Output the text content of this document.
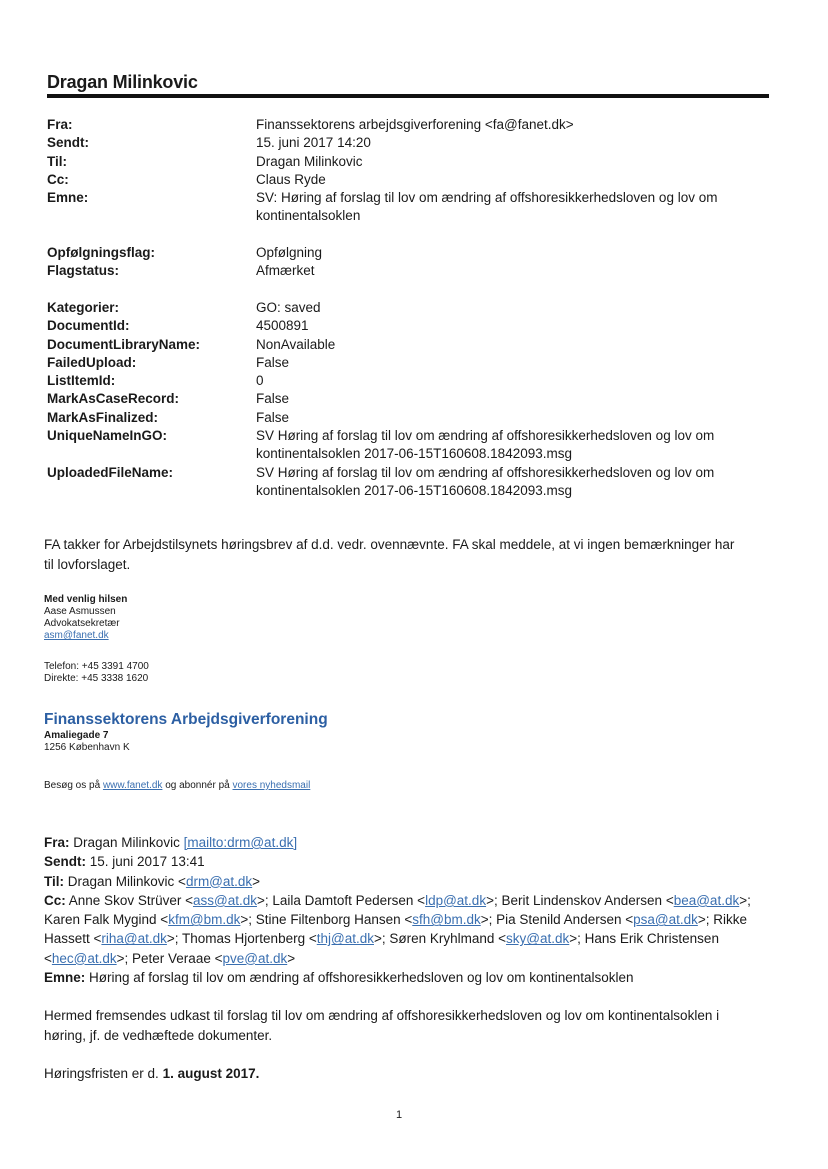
Dragan Milinkovic
Fra:	Finanssektorens arbejdsgiverforening <fa@fanet.dk>
Sendt:	15. juni 2017 14:20
Til:	Dragan Milinkovic
Cc:	Claus Ryde
Emne:	SV: Høring af forslag til lov om ændring af offshoresikkerhedsloven og lov om
kontinentalsoklen
Opfølgningsflag:	Opfølgning
Flagstatus:	Afmærket
Kategorier:	GO: saved
DocumentId:	4500891
DocumentLibraryName:	NonAvailable
FailedUpload:	False
ListItemId:	0
MarkAsCaseRecord:	False
MarkAsFinalized:	False
UniqueNameInGO:	SV Høring af forslag til lov om ændring af offshoresikkerhedsloven og lov om
kontinentalsoklen 2017-06-15T160608.1842093.msg
UploadedFileName:	SV Høring af forslag til lov om ændring af offshoresikkerhedsloven og lov om
kontinentalsoklen 2017-06-15T160608.1842093.msg
FA takker for Arbejdstilsynets høringsbrev af d.d. vedr. ovennævnte. FA skal meddele, at vi ingen bemærkninger har
til lovforslaget.
Med venlig hilsen
Aase Asmussen
Advokatsekretær
asm@fanet.dk
Telefon: +45 3391 4700
Direkte: +45 3338 1620
Finanssektorens Arbejdsgiverforening
Amaliegade 7
1256 København K
Besøg os på www.fanet.dk og abonnér på vores nyhedsmail
Fra: Dragan Milinkovic [mailto:drm@at.dk]
Sendt: 15. juni 2017 13:41
Til: Dragan Milinkovic <drm@at.dk>
Cc: Anne Skov Strüver <ass@at.dk>; Laila Damtoft Pedersen <ldp@at.dk>; Berit Lindenskov Andersen <bea@at.dk>;
Karen Falk Mygind <kfm@bm.dk>; Stine Filtenborg Hansen <sfh@bm.dk>; Pia Stenild Andersen <psa@at.dk>; Rikke
Hassett <riha@at.dk>; Thomas Hjortenberg <thj@at.dk>; Søren Kryhlmand <sky@at.dk>; Hans Erik Christensen
<hec@at.dk>; Peter Veraae <pve@at.dk>
Emne: Høring af forslag til lov om ændring af offshoresikkerhedsloven og lov om kontinentalsoklen
Hermed fremsendes udkast til forslag til lov om ændring af offshoresikkerhedsloven og lov om kontinentalsoklen i
høring, jf. de vedhæftede dokumenter.
Høringsfristen er d. 1. august 2017.
1
